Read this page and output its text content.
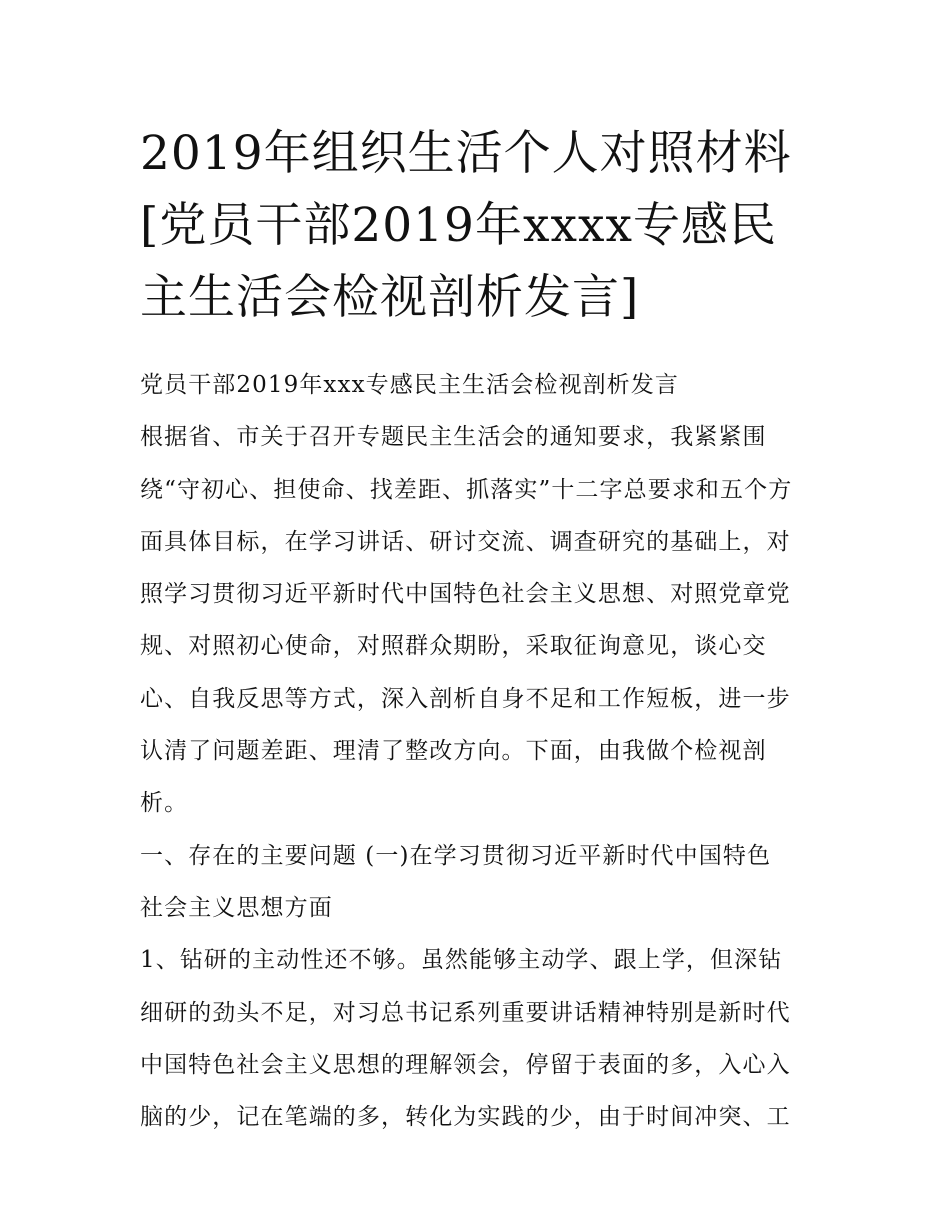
2019年组织生活个人对照材料
[党员干部2019年xxxx专感民
主生活会检视剖析发言]
党员干部2019年xxx专感民主生活会检视剖析发言
根据省、市关于召开专题民主生活会的通知要求，我紧紧围
绕“守初心、担使命、找差距、抓落实”十二字总要求和五个方
面具体目标，在学习讲话、研讨交流、调查研究的基础上，对
照学习贯彻习近平新时代中国特色社会主义思想、对照党章党
规、对照初心使命，对照群众期盼，采取征询意见，谈心交
心、自我反思等方式，深入剖析自身不足和工作短板，进一步
认清了问题差距、理清了整改方向。下面，由我做个检视剖
析。
一、存在的主要问题 (一)在学习贯彻习近平新时代中国特色
社会主义思想方面
1、钻研的主动性还不够。虽然能够主动学、跟上学，但深钻
细研的劲头不足，对习总书记系列重要讲话精神特别是新时代
中国特色社会主义思想的理解领会，停留于表面的多，入心入
脑的少，记在笔端的多，转化为实践的少，由于时间冲突、工
